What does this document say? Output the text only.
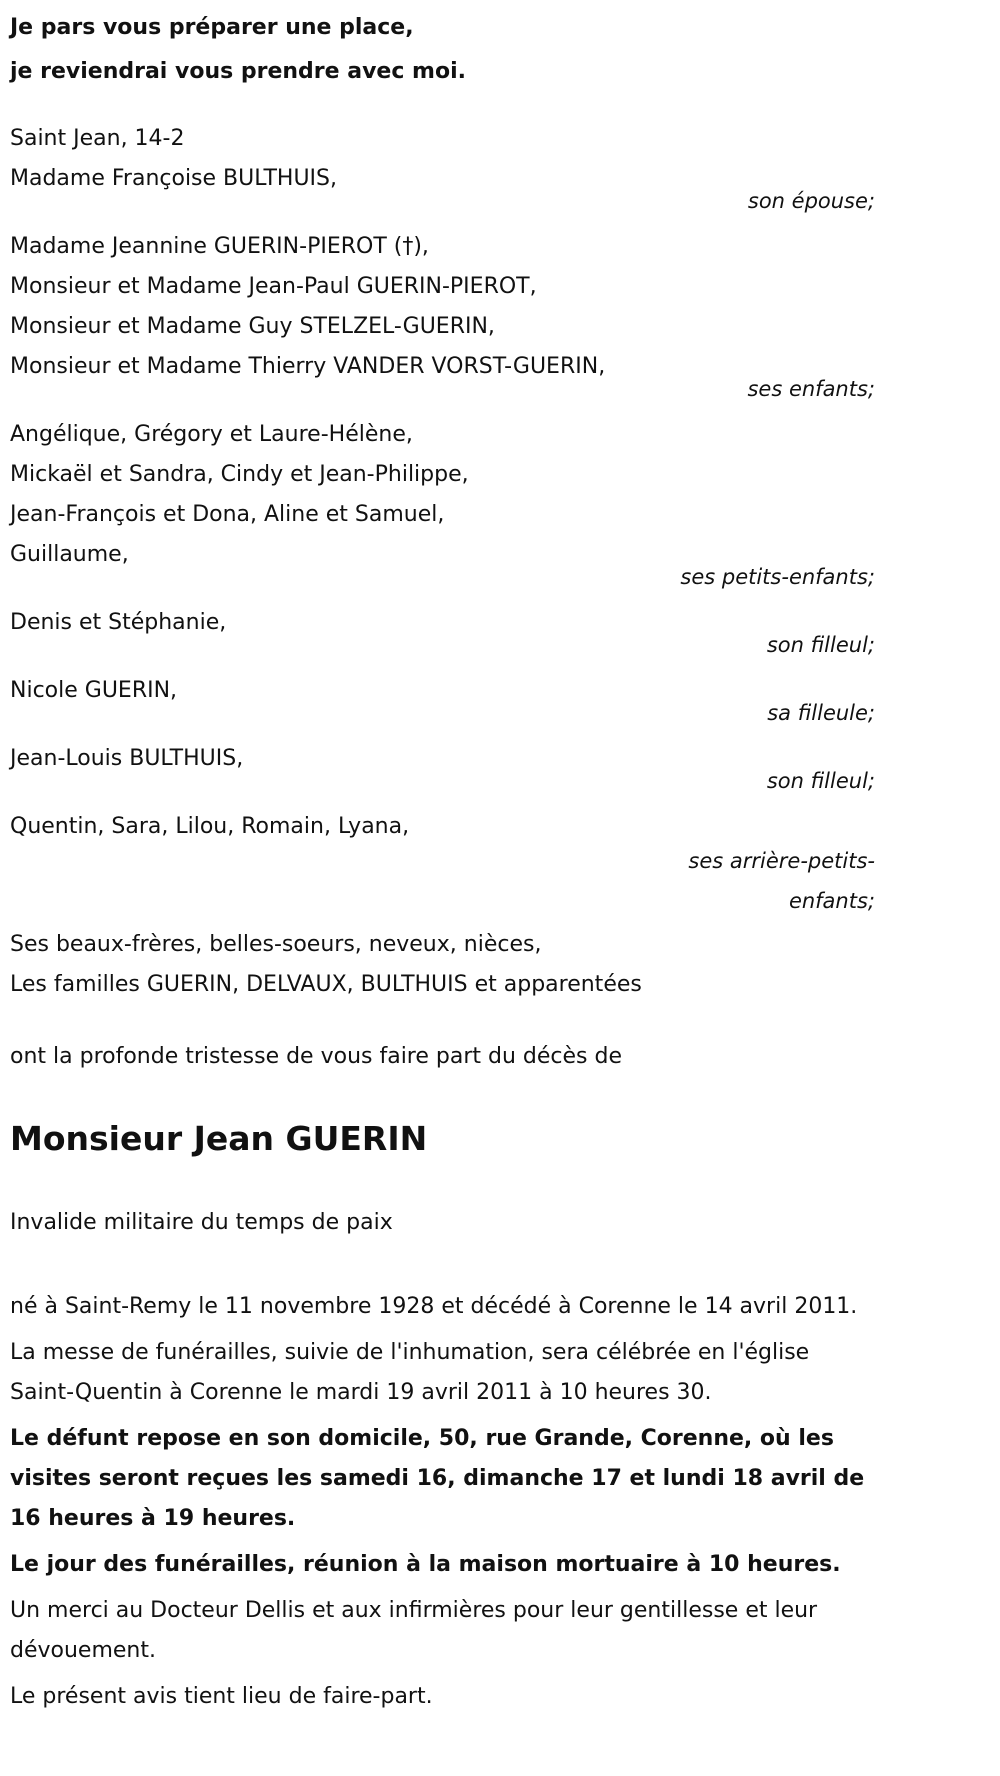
Je pars vous préparer une place,
je reviendrai vous prendre avec moi.
Saint Jean, 14-2
Madame Françoise BULTHUIS,
son épouse;
Madame Jeannine GUERIN-PIEROT (†),
Monsieur et Madame Jean-Paul GUERIN-PIEROT,
Monsieur et Madame Guy STELZEL-GUERIN,
Monsieur et Madame Thierry VANDER VORST-GUERIN,
ses enfants;
Angélique, Grégory et Laure-Hélène,
Mickaël et Sandra, Cindy et Jean-Philippe,
Jean-François et Dona, Aline et Samuel,
Guillaume,
ses petits-enfants;
Denis et Stéphanie,
son filleul;
Nicole GUERIN,
sa filleule;
Jean-Louis BULTHUIS,
son filleul;
Quentin, Sara, Lilou, Romain, Lyana,
ses arrière-petits-
enfants;
Ses beaux-frères, belles-soeurs, neveux, nièces,
Les familles GUERIN, DELVAUX, BULTHUIS et apparentées
ont la profonde tristesse de vous faire part du décès de
Monsieur Jean GUERIN
Invalide militaire du temps de paix
né à Saint-Remy le 11 novembre 1928 et décédé à Corenne le 14 avril 2011.
La messe de funérailles, suivie de l'inhumation, sera célébrée en l'église Saint-Quentin à Corenne le mardi 19 avril 2011 à 10 heures 30.
Le défunt repose en son domicile, 50, rue Grande, Corenne, où les visites seront reçues les samedi 16, dimanche 17 et lundi 18 avril de 16 heures à 19 heures.
Le jour des funérailles, réunion à la maison mortuaire à 10 heures.
Un merci au Docteur Dellis et aux infirmières pour leur gentillesse et leur dévouement.
Le présent avis tient lieu de faire-part.
